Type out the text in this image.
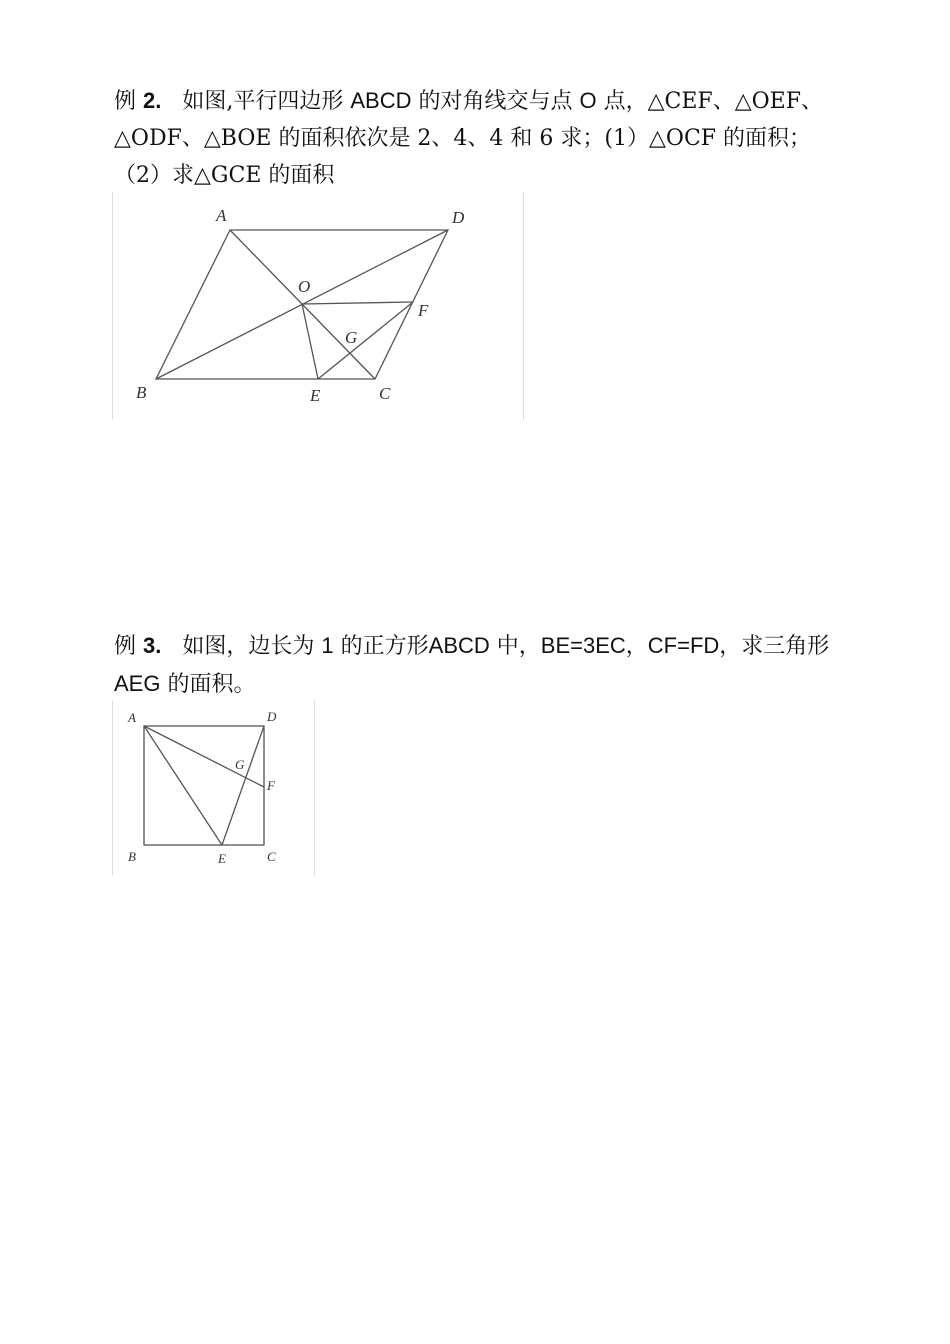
例 2. 如图,平行四边形 ABCD 的对角线交与点 O 点，△CEF、△OEF、△ODF、△BOE 的面积依次是 2、4、4 和 6 求；(1）△OCF 的面积；（2）求△GCE 的面积

A	D
O
F
G
B	E	C

例 3. 如图，边长为 1 的正方形ABCD 中，BE=3EC，CF=FD，求三角形 AEG 的面积。

A	D
G
F
B	E	C
